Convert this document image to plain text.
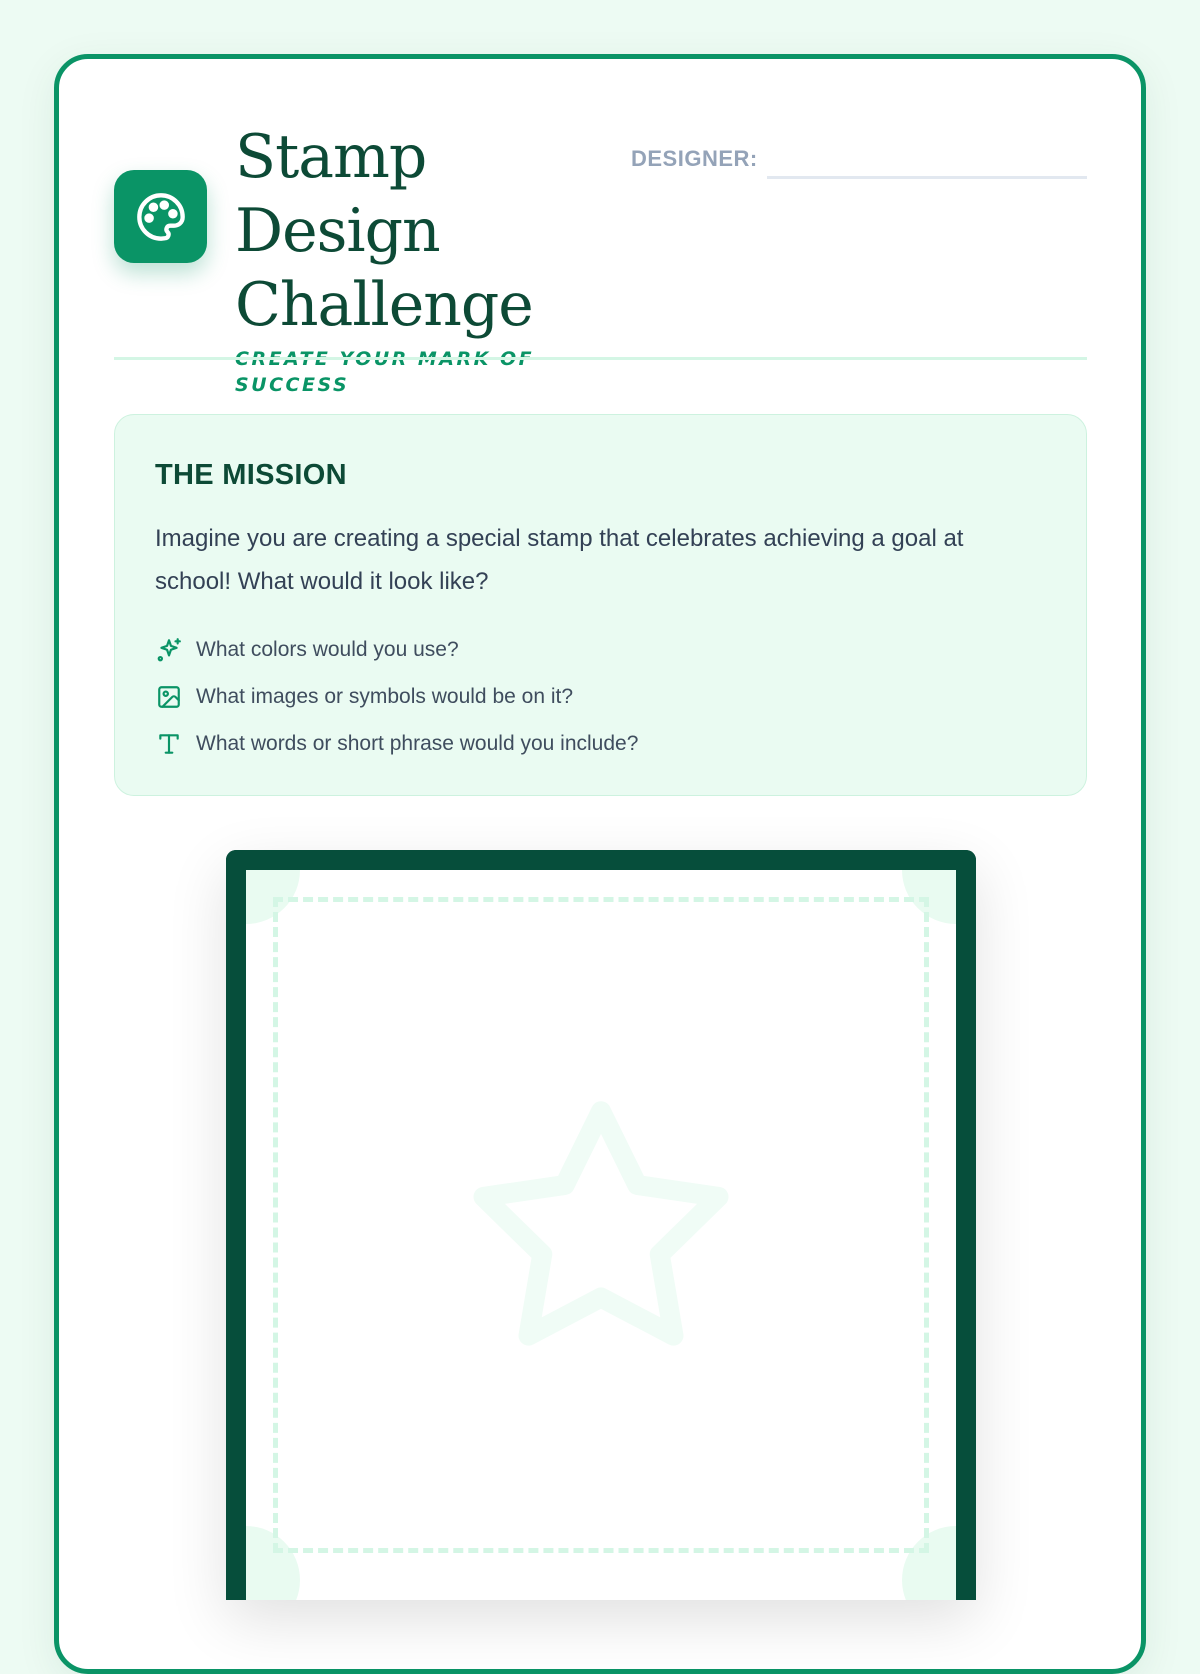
Stamp Design Challenge

SUCCESS

DESIGNER:
THE MISSION

Imagine you are creating a special stamp that celebrates achieving a goal at school! What would it look like?

What colors would you use?
What images or symbols would be on it?
What words or short phrase would you include?
